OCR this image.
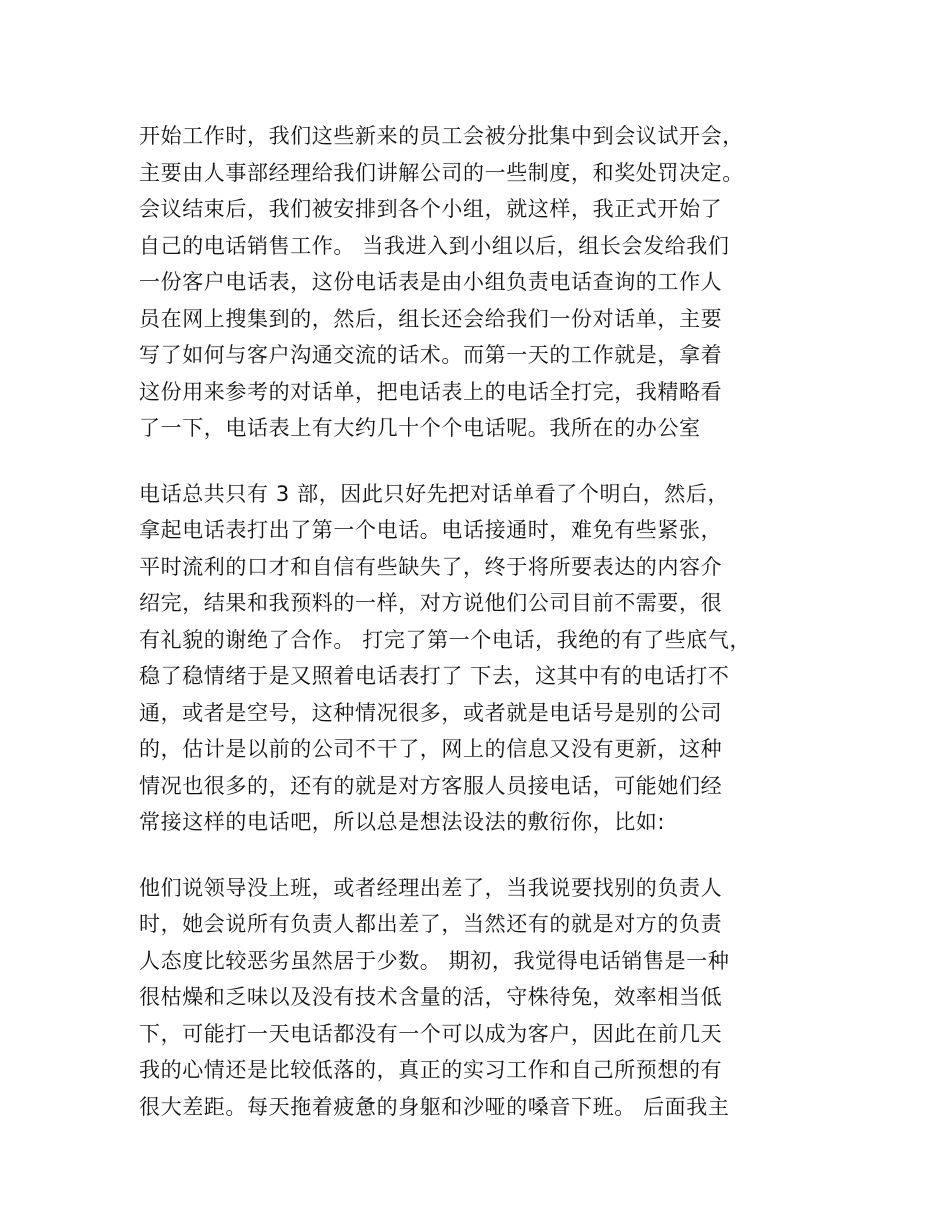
开始工作时，我们这些新来的员工会被分批集中到会议试开会，
主要由人事部经理给我们讲解公司的一些制度，和奖处罚决定。
会议结束后，我们被安排到各个小组，就这样，我正式开始了
自己的电话销售工作。 当我进入到小组以后，组长会发给我们
一份客户电话表，这份电话表是由小组负责电话查询的工作人
员在网上搜集到的，然后，组长还会给我们一份对话单，主要
写了如何与客户沟通交流的话术。而第一天的工作就是，拿着
这份用来参考的对话单，把电话表上的电话全打完，我精略看
了一下，电话表上有大约几十个个电话呢。我所在的办公室
电话总共只有 3 部，因此只好先把对话单看了个明白，然后，
拿起电话表打出了第一个电话。电话接通时，难免有些紧张，
平时流利的口才和自信有些缺失了，终于将所要表达的内容介
绍完，结果和我预料的一样，对方说他们公司目前不需要，很
有礼貌的谢绝了合作。 打完了第一个电话，我绝的有了些底气，
稳了稳情绪于是又照着电话表打了 下去，这其中有的电话打不
通，或者是空号，这种情况很多，或者就是电话号是别的公司
的，估计是以前的公司不干了，网上的信息又没有更新，这种
情况也很多的，还有的就是对方客服人员接电话，可能她们经
常接这样的电话吧，所以总是想法设法的敷衍你，比如:
他们说领导没上班，或者经理出差了，当我说要找别的负责人
时，她会说所有负责人都出差了，当然还有的就是对方的负责
人态度比较恶劣虽然居于少数。 期初，我觉得电话销售是一种
很枯燥和乏味以及没有技术含量的活，守株待兔，效率相当低
下，可能打一天电话都没有一个可以成为客户，因此在前几天
我的心情还是比较低落的，真正的实习工作和自己所预想的有
很大差距。每天拖着疲惫的身躯和沙哑的嗓音下班。 后面我主
